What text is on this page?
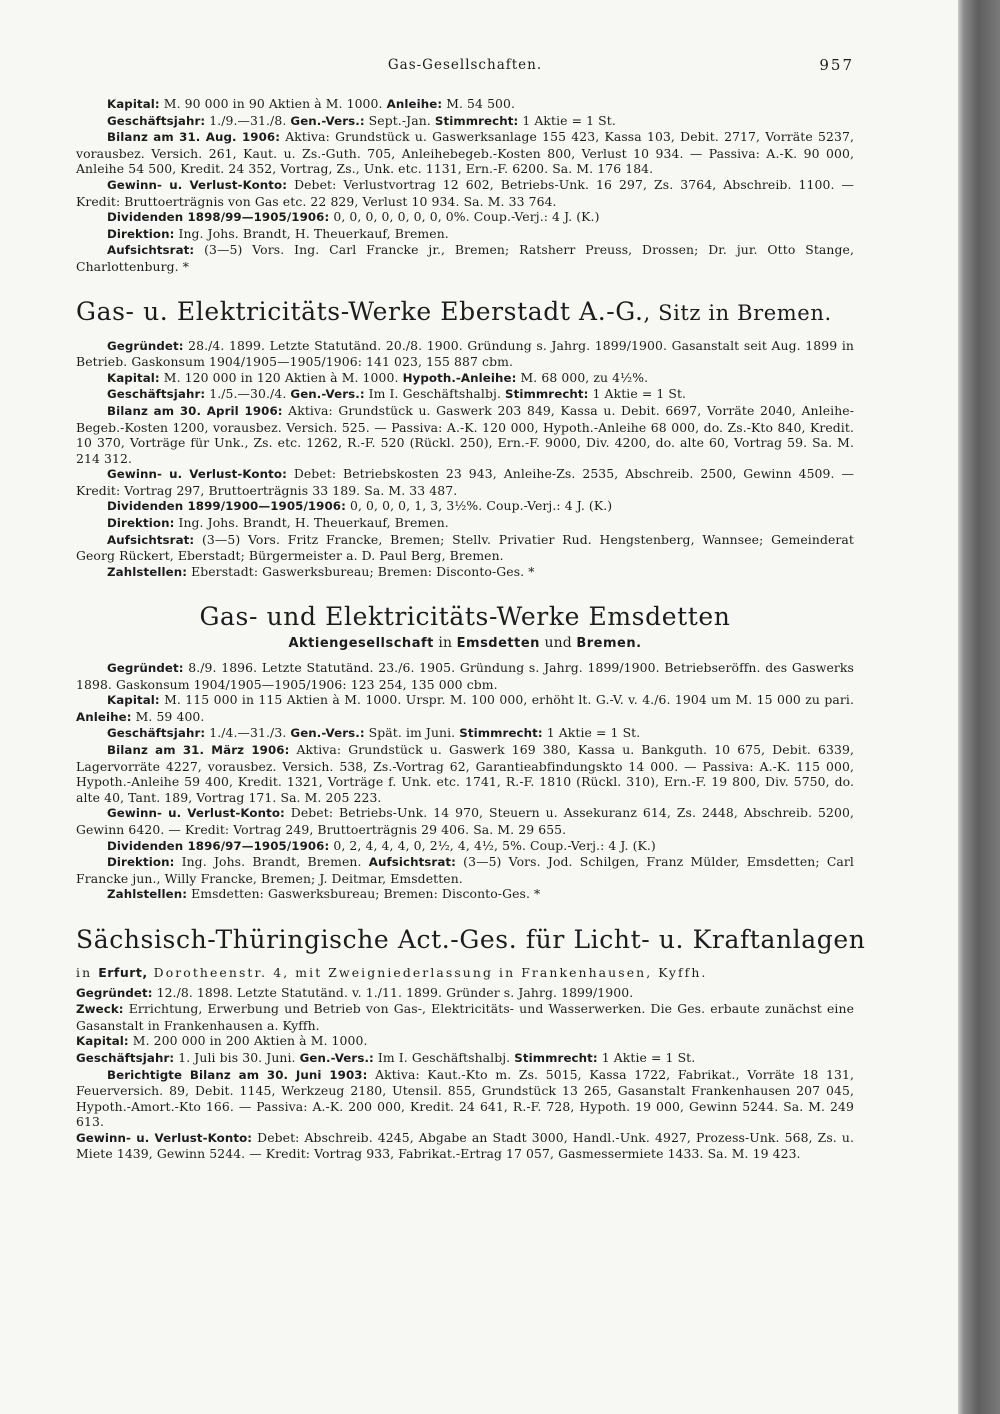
Gas-Gesellschaften.	957

Kapital: M. 90 000 in 90 Aktien à M. 1000. Anleihe: M. 54 500.

Geschäftsjahr: 1./9.—31./8. Gen.-Vers.: Sept.-Jan. Stimmrecht: 1 Aktie = 1 St.

Bilanz am 31. Aug. 1906: Aktiva: Grundstück u. Gaswerksanlage 155 423, Kassa 103, Debit. 2717, Vorräte 5237, vorausbez. Versich. 261, Kaut. u. Zs.-Guth. 705, Anleihebegeb.-Kosten 800, Verlust 10 934. — Passiva: A.-K. 90 000, Anleihe 54 500, Kredit. 24 352, Vortrag, Zs., Unk. etc. 1131, Ern.-F. 6200. Sa. M. 176 184.

Gewinn- u. Verlust-Konto: Debet: Verlustvortrag 12 602, Betriebs-Unk. 16 297, Zs. 3764, Abschreib. 1100. — Kredit: Bruttoerträgnis von Gas etc. 22 829, Verlust 10 934. Sa. M. 33 764.

Dividenden 1898/99—1905/1906: 0, 0, 0, 0, 0, 0, 0, 0%. Coup.-Verj.: 4 J. (K.)

Direktion: Ing. Johs. Brandt, H. Theuerkauf, Bremen.

Aufsichtsrat: (3—5) Vors. Ing. Carl Francke jr., Bremen; Ratsherr Preuss, Drossen; Dr. jur. Otto Stange, Charlottenburg. *

Gas- u. Elektricitäts-Werke Eberstadt A.-G., Sitz in Bremen.

Gegründet: 28./4. 1899. Letzte Statutänd. 20./8. 1900. Gründung s. Jahrg. 1899/1900. Gasanstalt seit Aug. 1899 in Betrieb. Gaskonsum 1904/1905—1905/1906: 141 023, 155 887 cbm.

Kapital: M. 120 000 in 120 Aktien à M. 1000. Hypoth.-Anleihe: M. 68 000, zu 4½%.

Geschäftsjahr: 1./5.—30./4. Gen.-Vers.: Im I. Geschäftshalbj. Stimmrecht: 1 Aktie = 1 St.

Bilanz am 30. April 1906: Aktiva: Grundstück u. Gaswerk 203 849, Kassa u. Debit. 6697, Vorräte 2040, Anleihe-Begeb.-Kosten 1200, vorausbez. Versich. 525. — Passiva: A.-K. 120 000, Hypoth.-Anleihe 68 000, do. Zs.-Kto 840, Kredit. 10 370, Vorträge für Unk., Zs. etc. 1262, R.-F. 520 (Rückl. 250), Ern.-F. 9000, Div. 4200, do. alte 60, Vortrag 59. Sa. M. 214 312.

Gewinn- u. Verlust-Konto: Debet: Betriebskosten 23 943, Anleihe-Zs. 2535, Abschreib. 2500, Gewinn 4509. — Kredit: Vortrag 297, Bruttoerträgnis 33 189. Sa. M. 33 487.

Dividenden 1899/1900—1905/1906: 0, 0, 0, 0, 1, 3, 3½%. Coup.-Verj.: 4 J. (K.)

Direktion: Ing. Johs. Brandt, H. Theuerkauf, Bremen.

Aufsichtsrat: (3—5) Vors. Fritz Francke, Bremen; Stellv. Privatier Rud. Hengstenberg, Wannsee; Gemeinderat Georg Rückert, Eberstadt; Bürgermeister a. D. Paul Berg, Bremen.

Zahlstellen: Eberstadt: Gaswerksbureau; Bremen: Disconto-Ges. *

Gas- und Elektricitäts-Werke Emsdetten
Aktiengesellschaft in Emsdetten und Bremen.

Gegründet: 8./9. 1896. Letzte Statutänd. 23./6. 1905. Gründung s. Jahrg. 1899/1900. Betriebseröffn. des Gaswerks 1898. Gaskonsum 1904/1905—1905/1906: 123 254, 135 000 cbm.

Kapital: M. 115 000 in 115 Aktien à M. 1000. Urspr. M. 100 000, erhöht lt. G.-V. v. 4./6. 1904 um M. 15 000 zu pari. Anleihe: M. 59 400.

Geschäftsjahr: 1./4.—31./3. Gen.-Vers.: Spät. im Juni. Stimmrecht: 1 Aktie = 1 St.

Bilanz am 31. März 1906: Aktiva: Grundstück u. Gaswerk 169 380, Kassa u. Bankguth. 10 675, Debit. 6339, Lagervorräte 4227, vorausbez. Versich. 538, Zs.-Vortrag 62, Garantieabfindungskto 14 000. — Passiva: A.-K. 115 000, Hypoth.-Anleihe 59 400, Kredit. 1321, Vorträge f. Unk. etc. 1741, R.-F. 1810 (Rückl. 310), Ern.-F. 19 800, Div. 5750, do. alte 40, Tant. 189, Vortrag 171. Sa. M. 205 223.

Gewinn- u. Verlust-Konto: Debet: Betriebs-Unk. 14 970, Steuern u. Assekuranz 614, Zs. 2448, Abschreib. 5200, Gewinn 6420. — Kredit: Vortrag 249, Bruttoerträgnis 29 406. Sa. M. 29 655.

Dividenden 1896/97—1905/1906: 0, 2, 4, 4, 4, 0, 2½, 4, 4½, 5%. Coup.-Verj.: 4 J. (K.)

Direktion: Ing. Johs. Brandt, Bremen. Aufsichtsrat: (3—5) Vors. Jod. Schilgen, Franz Mülder, Emsdetten; Carl Francke jun., Willy Francke, Bremen; J. Deitmar, Emsdetten.

Zahlstellen: Emsdetten: Gaswerksbureau; Bremen: Disconto-Ges. *

Sächsisch-Thüringische Act.-Ges. für Licht- u. Kraftanlagen
in Erfurt, Dorotheenstr. 4, mit Zweigniederlassung in Frankenhausen, Kyffh.

Gegründet: 12./8. 1898. Letzte Statutänd. v. 1./11. 1899. Gründer s. Jahrg. 1899/1900.

Zweck: Errichtung, Erwerbung und Betrieb von Gas-, Elektricitäts- und Wasserwerken. Die Ges. erbaute zunächst eine Gasanstalt in Frankenhausen a. Kyffh.

Kapital: M. 200 000 in 200 Aktien à M. 1000.

Geschäftsjahr: 1. Juli bis 30. Juni. Gen.-Vers.: Im I. Geschäftshalbj. Stimmrecht: 1 Aktie = 1 St.

Berichtigte Bilanz am 30. Juni 1903: Aktiva: Kaut.-Kto m. Zs. 5015, Kassa 1722, Fabrikat., Vorräte 18 131, Feuerversich. 89, Debit. 1145, Werkzeug 2180, Utensil. 855, Grundstück 13 265, Gasanstalt Frankenhausen 207 045, Hypoth.-Amort.-Kto 166. — Passiva: A.-K. 200 000, Kredit. 24 641, R.-F. 728, Hypoth. 19 000, Gewinn 5244. Sa. M. 249 613.

Gewinn- u. Verlust-Konto: Debet: Abschreib. 4245, Abgabe an Stadt 3000, Handl.-Unk. 4927, Prozess-Unk. 568, Zs. u. Miete 1439, Gewinn 5244. — Kredit: Vortrag 933, Fabrikat.-Ertrag 17 057, Gasmessermiete 1433. Sa. M. 19 423.
